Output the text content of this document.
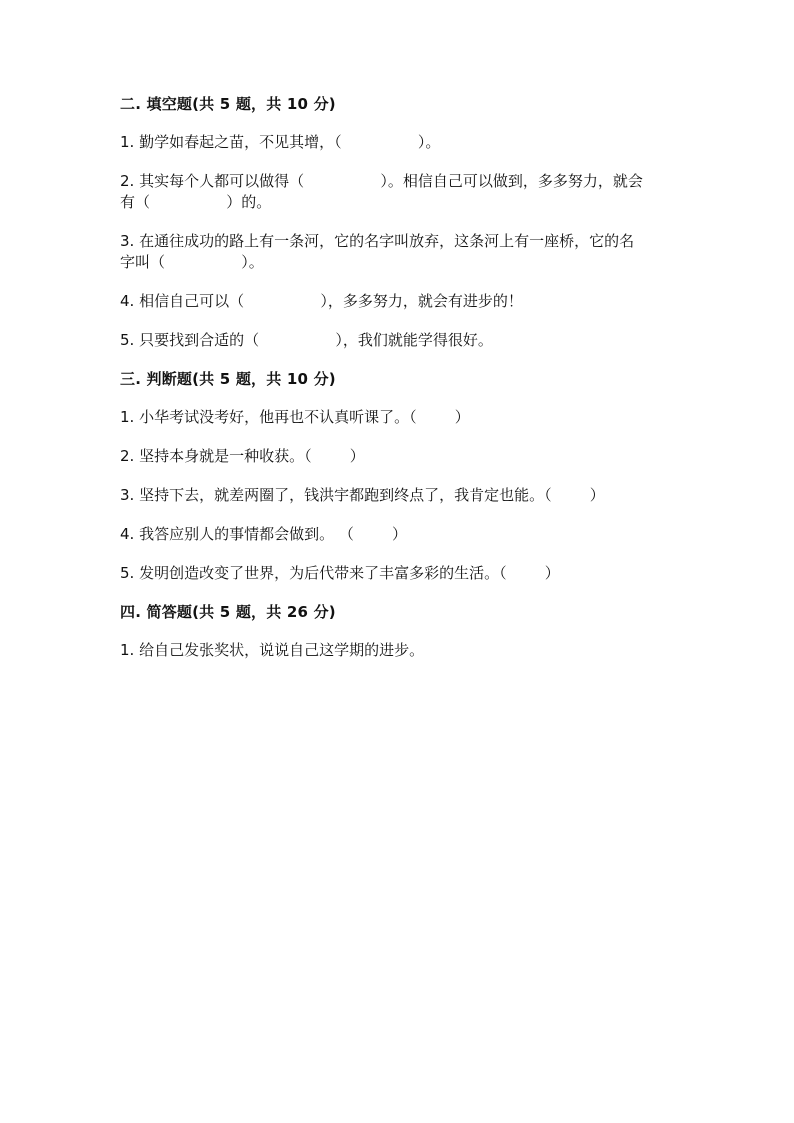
二. 填空题(共 5 题，共 10 分)
1. 勤学如春起之苗，不见其增，（                ）。
2. 其实每个人都可以做得（                ）。相信自己可以做到，多多努力，就会
有（                ）的。
3. 在通往成功的路上有一条河，它的名字叫放弃，这条河上有一座桥，它的名
字叫（                ）。
4. 相信自己可以（                ），多多努力，就会有进步的！
5. 只要找到合适的（                ），我们就能学得很好。
三. 判断题(共 5 题，共 10 分)
1. 小华考试没考好，他再也不认真听课了。（        ）
2. 坚持本身就是一种收获。（        ）
3. 坚持下去，就差两圈了，钱洪宇都跑到终点了，我肯定也能。（        ）
4. 我答应别人的事情都会做到。 （        ）
5. 发明创造改变了世界，为后代带来了丰富多彩的生活。（        ）
四. 简答题(共 5 题，共 26 分)
1. 给自己发张奖状，说说自己这学期的进步。
